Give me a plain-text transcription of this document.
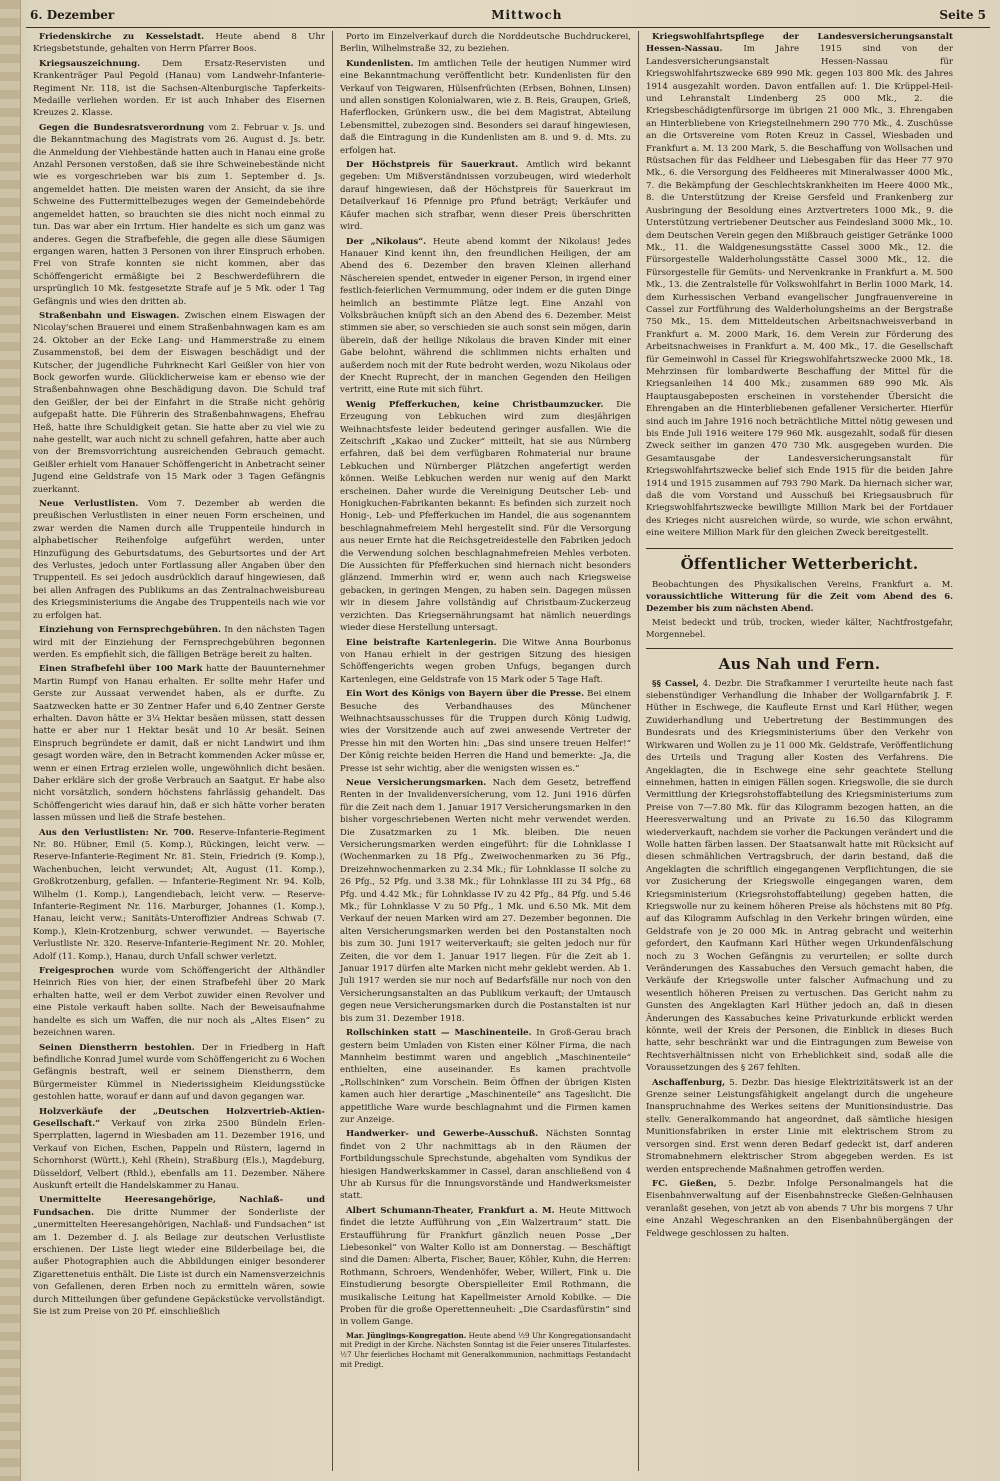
6. Dezember	Mittwoch	Seite 5

Friedenskirche zu Kesselstadt. Heute abend 8 Uhr Kriegsbetstunde, gehalten von Herrn Pfarrer Boos.

Kriegsauszeichnung.	Dem Ersatz-Reservisten und Krankenträger Paul Pegold (Hanau) vom Landwehr-Infanterie-Regiment Nr. 118, ist die Sachsen-Altenburgische Tapferkeits-Medaille verliehen worden. Er ist auch Inhaber des Eisernen Kreuzes 2. Klasse.

Gegen die Bundesratsverordnung vom 2. Februar v. Js. und die Bekanntmachung des Magistrats vom 26. August d. Js. betr. die Anmeldung der Viehbestände hatten auch in Hanau eine große Anzahl Personen verstoßen, daß sie ihre Schweinebestände nicht wie es vorgeschrieben war bis zum 1. September d. Js. angemeldet hatten. Die meisten waren der Ansicht, da sie ihre Schweine des Futtermittelbezuges wegen der Gemeindebehörde angemeldet hatten, so brauchten sie dies nicht noch einmal zu tun. Das war aber ein Irrtum. Hier handelte es sich um ganz was anderes. Gegen die Strafbefehle, die gegen alle diese Säumigen ergangen waren, hatten 3 Personen von ihrer Einspruch erhoben. Frei von Strafe konnten sie nicht kommen, aber das Schöffengericht ermäßigte bei 2 Beschwerdeführern die ursprünglich 10 Mk. festgesetzte Strafe auf je 5 Mk. oder 1 Tag Gefängnis und wies den dritten ab.

Straßenbahn und Eiswagen. Zwischen einem Eiswagen der Nicolay'schen Brauerei und einem Straßenbahnwagen kam es am 24. Oktober an der Ecke Lang- und Hammerstraße zu einem Zusammenstoß, bei dem der Eiswagen beschädigt und der Kutscher, der jugendliche Fuhrknecht Karl Geißler von hier von Bock geworfen wurde. Glücklicherweise kam er ebenso wie der Straßenbahnwagen ohne Beschädigung davon. Die Schuld traf den Geißler, der bei der Einfahrt in die Straße nicht gehörig aufgepaßt hatte. Die Führerin des Straßenbahnwagens, Ehefrau Heß, hatte ihre Schuldigkeit getan. Sie hatte aber zu viel wie zu nahe gestellt, war auch nicht zu schnell gefahren, hatte aber auch von der Bremsvorrichtung ausreichenden Gebrauch gemacht. Geißler erhielt vom Hanauer Schöffengericht in Anbetracht seiner Jugend eine Geldstrafe von 15 Mark oder 3 Tagen Gefängnis zuerkannt.

Neue Verlustlisten. Vom 7. Dezember ab werden die preußischen Verlustlisten in einer neuen Form erscheinen, und zwar werden die Namen durch alle Truppenteile hindurch in alphabetischer Reihenfolge aufgeführt werden, unter Hinzufügung des Geburtsdatums, des Geburtsortes und der Art des Verlustes, jedoch unter Fortlassung aller Angaben über den Truppenteil. Es sei jedoch ausdrücklich darauf hingewiesen, daß bei allen Anfragen des Publikums an das Zentralnachweisbureau des Kriegsministeriums die Angabe des Truppenteils nach wie vor zu erfolgen hat.

Einziehung von Fernsprechgebühren. In den nächsten Tagen wird mit der Einziehung der Fernsprechgebühren begonnen werden. Es empfiehlt sich, die fälligen Beträge bereit zu halten.

Einen Strafbefehl über 100 Mark hatte der Bauunternehmer Martin Rumpf von Hanau erhalten. Er sollte mehr Hafer und Gerste zur Aussaat verwendet haben, als er durfte. Zu Saatzwecken hatte er 30 Zentner Hafer und 6,40 Zentner Gerste erhalten. Davon hätte er 3¼ Hektar besäen müssen, statt dessen hatte er aber nur 1 Hektar besät und 10 Ar besät. Seinen Einspruch begründete er damit, daß er nicht Landwirt und ihm gesagt worden wäre, den in Betracht kommenden Acker müsse er, wenn er einen Ertrag erzielen wolle, ungewöhnlich dicht besäen. Daher erkläre sich der große Verbrauch an Saatgut. Er habe also nicht vorsätzlich, sondern höchstens fahrlässig gehandelt. Das Schöffengericht wies darauf hin, daß er sich hätte vorher beraten lassen müssen und ließ die Strafe bestehen.

Aus den Verlustlisten: Nr. 700. Reserve-Infanterie-Regiment Nr. 80. Hübner, Emil (5. Komp.), Rückingen, leicht verw. — Reserve-Infanterie-Regiment Nr. 81. Stein, Friedrich (9. Komp.), Wachenbuchen, leicht verwundet; Alt, August (11. Komp.), Großkrotzenburg, gefallen. — Infanterie-Regiment Nr. 94. Kolb, Wilhelm (1. Komp.), Langendiebach, leicht verw. — Reserve-Infanterie-Regiment Nr. 116. Marburger, Johannes (1. Komp.), Hanau, leicht verw.; Sanitäts-Unteroffizier Andreas Schwab (7. Komp.), Klein-Krotzenburg, schwer verwundet. — Bayerische Verlustliste Nr. 320. Reserve-Infanterie-Regiment Nr. 20. Mohler, Adolf (11. Komp.), Hanau, durch Unfall schwer verletzt.

Freigesprochen wurde vom Schöffengericht der Althändler Heinrich Ries von hier, der einen Strafbefehl über 20 Mark erhalten hatte, weil er dem Verbot zuwider einen Revolver und eine Pistole verkauft haben sollte. Nach der Beweisaufnahme handelte es sich um Waffen, die nur noch als „Altes Eisen“ zu bezeichnen waren.

Seinen Dienstherrn bestohlen. Der in Friedberg in Haft befindliche Konrad Jumel wurde vom Schöffengericht zu 6 Wochen Gefängnis bestraft, weil er seinem Dienstherrn, dem Bürgermeister Kümmel in Niederissigheim Kleidungsstücke gestohlen hatte, worauf er dann auf und davon gegangen war.

Holzverkäufe der „Deutschen Holzvertrieb-Aktien-Gesellschaft.“ Verkauf von zirka 2500 Bündeln Erlen-Sperrplatten, lagernd in Wiesbaden am 11. Dezember 1916, und Verkauf von Eichen, Eschen, Pappeln und Rüstern, lagernd in Schornhorst (Württ.), Kehl (Rhein), Straßburg (Els.), Magdeburg, Düsseldorf, Velbert (Rhld.), ebenfalls am 11. Dezember. Nähere Auskunft erteilt die Handelskammer zu Hanau.

Unermittelte Heeresangehörige, Nachlaß- und Fundsachen. Die dritte Nummer der Sonderliste der „unermittelten Heeresangehörigen, Nachlaß- und Fundsachen“ ist am 1. Dezember d. J. als Beilage zur deutschen Verlustliste erschienen. Der Liste liegt wieder eine Bilderbeilage bei, die außer Photographien auch die Abbildungen einiger besonderer Zigarettenetuis enthält. Die Liste ist durch ein Namensverzeichnis von Gefallenen, deren Erben noch zu ermitteln wären, sowie durch Mitteilungen über gefundene Gepäckstücke vervollständigt. Sie ist zum Preise von 20 Pf. einschließlich

Porto im Einzelverkauf durch die Norddeutsche Buchdruckerei, Berlin, Wilhelmstraße 32, zu beziehen.

Kundenlisten. Im amtlichen Teile der heutigen Nummer wird eine Bekanntmachung veröffentlicht betr. Kundenlisten für den Verkauf von Teigwaren, Hülsenfrüchten (Erbsen, Bohnen, Linsen) und allen sonstigen Kolonialwaren, wie z. B. Reis, Graupen, Grieß, Haferflocken, Grünkern usw., die bei dem Magistrat, Abteilung Lebensmittel, zubezogen sind. Besonders sei darauf hingewiesen, daß die Eintragung in die Kundenlisten am 8. und 9. d. Mts. zu erfolgen hat.

Der Höchstpreis für Sauerkraut. Amtlich wird bekannt gegeben: Um Mißverständnissen vorzubeugen, wird wiederholt darauf hingewiesen, daß der Höchstpreis für Sauerkraut im Detailverkauf 16 Pfennige pro Pfund beträgt; Verkäufer und Käufer machen sich strafbar, wenn dieser Preis überschritten wird.

Der „Nikolaus“. Heute abend kommt der Nikolaus! Jedes Hanauer Kind kennt ihn, den freundlichen Heiligen, der am Abend des 6. Dezember den braven Kleinen allerhand Näschereien spendet, entweder in eigener Person, in irgend einer festlich-feierlichen Vermummung, oder indem er die guten Dinge heimlich an bestimmte Plätze legt. Eine Anzahl von Volksbräuchen knüpft sich an den Abend des 6. Dezember. Meist stimmen sie aber, so verschieden sie auch sonst sein mögen, darin überein, daß der heilige Nikolaus die braven Kinder mit einer Gabe belohnt, während die schlimmen nichts erhalten und außerdem noch mit der Rute bedroht werden, wozu Nikolaus oder der Knecht Ruprecht, der in manchen Gegenden den Heiligen vertritt, eine Rute mit sich führt.

Wenig Pfefferkuchen, keine Christbaumzucker. Die Erzeugung von Lebkuchen wird zum diesjährigen Weihnachtsfeste leider bedeutend geringer ausfallen. Wie die Zeitschrift „Kakao und Zucker“ mitteilt, hat sie aus Nürnberg erfahren, daß bei dem verfügbaren Rohmaterial nur braune Lebkuchen und Nürnberger Plätzchen angefertigt werden können. Weiße Lebkuchen werden nur wenig auf den Markt erscheinen. Daher wurde die Vereinigung Deutscher Leb- und Honigkuchen-Fabrikanten bekannt: Es befinden sich zurzeit noch Honig-, Leb- und Pfefferkuchen im Handel, die aus sogenanntem beschlagnahmefreiem Mehl hergestellt sind. Für die Versorgung aus neuer Ernte hat die Reichsgetreidestelle den Fabriken jedoch die Verwendung solchen beschlagnahmefreien Mehles verboten. Die Aussichten für Pfefferkuchen sind hiernach nicht besonders glänzend. Immerhin wird er, wenn auch nach Kriegsweise gebacken, in geringen Mengen, zu haben sein. Dagegen müssen wir in diesem Jahre vollständig auf Christbaum-Zuckerzeug verzichten. Das Kriegsernährungsamt hat nämlich neuerdings wieder diese Herstellung untersagt.

Eine beistrafte Kartenlegerin. Die Witwe Anna Bourbonus von Hanau erhielt in der gestrigen Sitzung des hiesigen Schöffengerichts wegen groben Unfugs, begangen durch Kartenlegen, eine Geldstrafe von 15 Mark oder 5 Tage Haft.

Ein Wort des Königs von Bayern über die Presse. Bei einem Besuche des Verbandhauses des Münchener Weihnachtsausschusses für die Truppen durch König Ludwig, wies der Vorsitzende auch auf zwei anwesende Vertreter der Presse hin mit den Worten hin: „Das sind unsere treuen Helfer!“ Der König reichte beiden Herren die Hand und bemerkte: „Ja, die Presse ist sehr wichtig, aber die wenigsten wissen es.“

Neue Versicherungsmarken. Nach dem Gesetz, betreffend Renten in der Invalidenversicherung, vom 12. Juni 1916 dürfen für die Zeit nach dem 1. Januar 1917 Versicherungsmarken in den bisher vorgeschriebenen Werten nicht mehr verwendet werden. Die Zusatzmarken zu 1 Mk. bleiben. Die neuen Versicherungsmarken werden eingeführt: für die Lohnklasse I (Wochenmarken zu 18 Pfg., Zweiwochenmarken zu 36 Pfg., Dreizehnwochenmarken zu 2.34 Mk.; für Lohnklasse II solche zu 26 Pfg., 52 Pfg. und 3.38 Mk.; für Lohnklasse III zu 34 Pfg., 68 Pfg. und 4.42 Mk.; für Lohnklasse IV zu 42 Pfg., 84 Pfg. und 5.46 Mk.; für Lohnklasse V zu 50 Pfg., 1 Mk. und 6.50 Mk. Mit dem Verkauf der neuen Marken wird am 27. Dezember begonnen. Die alten Versicherungsmarken werden bei den Postanstalten noch bis zum 30. Juni 1917 weiterverkauft; sie gelten jedoch nur für Zeiten, die vor dem 1. Januar 1917 liegen. Für die Zeit ab 1. Januar 1917 dürfen alte Marken nicht mehr geklebt werden. Ab 1. Juli 1917 werden sie nur noch auf Bedarfsfälle nur noch von den Versicherungsanstalten an das Publikum verkauft; der Umtausch gegen neue Versicherungsmarken durch die Postanstalten ist nur bis zum 31. Dezember 1918.

Rollschinken statt — Maschinenteile. In Groß-Gerau brach gestern beim Umladen von Kisten einer Kölner Firma, die nach Mannheim bestimmt waren und angeblich „Maschinenteile“ enthielten, eine auseinander. Es kamen prachtvolle „Rollschinken“ zum Vorschein. Beim Öffnen der übrigen Kisten kamen auch hier derartige „Maschinenteile“ ans Tageslicht. Die appetitliche Ware wurde beschlagnahmt und die Firmen kamen zur Anzeige.

Handwerker- und Gewerbe-Ausschuß. Nächsten Sonntag findet von 2 Uhr nachmittags ab in den Räumen der Fortbildungsschule Sprechstunde, abgehalten vom Syndikus der hiesigen Handwerkskammer in Cassel, daran anschließend von 4 Uhr ab Kursus für die Innungsvorstände und Handwerksmeister statt.

Albert Schumann-Theater, Frankfurt a. M. Heute Mittwoch findet die letzte Aufführung von „Ein Walzertraum“ statt. Die Erstaufführung für Frankfurt gänzlich neuen Posse „Der Liebesonkel“ von Walter Kollo ist am Donnerstag. — Beschäftigt sind die Damen: Alberta, Fischer, Bauer, Köhler, Kuhn, die Herren: Rothmann, Schroers, Wendenhöfer, Weber, Willert, Fink u. Die Einstudierung besorgte Oberspielleiter Emil Rothmann, die musikalische Leitung hat Kapellmeister Arnold Kobilke. — Die Proben für die große Operettenneuheit: „Die Csardasfürstin“ sind in vollem Gange.

Mar. Jünglings-Kongregation. Heute abend ½9 Uhr Kongregationsandacht mit Predigt in der Kirche. Nächsten Sonntag ist die Feier unseres Titularfestes. ½7 Uhr feierliches Hochamt mit Generalkommunion, nachmittags Festandacht mit Predigt.

Kriegswohlfahrtspflege der Landesversicherungsanstalt Hessen-Nassau. Im Jahre 1915 sind von der Landesversicherungsanstalt Hessen-Nassau für Kriegswohlfahrtszwecke 689 990 Mk. gegen 103 800 Mk. des Jahres 1914 ausgezahlt worden. Davon entfallen auf: 1. Die Krüppel-Heil- und Lehranstalt Lindenberg 25 000 Mk., 2. die Kriegsbeschädigtenfürsorge im übrigen 21 000 Mk., 3. Ehrengaben an Hinterbliebene von Kriegsteilnehmern 290 770 Mk., 4. Zuschüsse an die Ortsvereine vom Roten Kreuz in Cassel, Wiesbaden und Frankfurt a. M. 13 200 Mark, 5. die Beschaffung von Wollsachen und Rüstsachen für das Feldheer und Liebesgaben für das Heer 77 970 Mk., 6. die Versorgung des Feldheeres mit Mineralwasser 4000 Mk., 7. die Bekämpfung der Geschlechtskrankheiten im Heere 4000 Mk., 8. die Unterstützung der Kreise Gersfeld und Frankenberg zur Ausbringung der Besoldung eines Arztvertreters 1000 Mk., 9. die Unterstützung vertriebener Deutscher aus Feindesland 3000 Mk., 10. dem Deutschen Verein gegen den Mißbrauch geistiger Getränke 1000 Mk., 11. die Waldgenesungsstätte Cassel 3000 Mk., 12. die Fürsorgestelle Walderholungsstätte Cassel 3000 Mk., 12. die Fürsorgestelle für Gemüts- und Nervenkranke in Frankfurt a. M. 500 Mk., 13. die Zentralstelle für Volkswohlfahrt in Berlin 1000 Mark, 14. dem Kurhessischen Verband evangelischer Jungfrauenvereine in Cassel zur Fortführung des Walderholungsheims an der Bergstraße 750 Mk., 15. dem Mitteldeutschen Arbeitsnachweisverband in Frankfurt a. M. 2000 Mark, 16. dem Verein zur Förderung des Arbeitsnachweises in Frankfurt a. M. 400 Mk., 17. die Gesellschaft für Gemeinwohl in Cassel für Kriegswohlfahrtszwecke 2000 Mk., 18. Mehrzinsen für lombardwerte Beschaffung der Mittel für die Kriegsanleihen 14 400 Mk.; zusammen 689 990 Mk. Als Hauptausgabeposten erscheinen in vorstehender Übersicht die Ehrengaben an die Hinterbliebenen gefallener Versicherter. Hierfür sind auch im Jahre 1916 noch beträchtliche Mittel nötig gewesen und bis Ende Juli 1916 weitere 179 960 Mk. ausgezahlt, sodaß für diesen Zweck seither im ganzen 470 730 Mk. ausgegeben wurden. Die Gesamtausgabe der Landesversicherungsanstalt für Kriegswohlfahrtszwecke belief sich Ende 1915 für die beiden Jahre 1914 und 1915 zusammen auf 793 790 Mark. Da hiernach sicher war, daß die vom Vorstand und Ausschuß bei Kriegsausbruch für Kriegswohlfahrtszwecke bewilligte Million Mark bei der Fortdauer des Krieges nicht ausreichen würde, so wurde, wie schon erwähnt, eine weitere Million Mark für den gleichen Zweck bereitgestellt.

Öffentlicher Wetterbericht.

Beobachtungen des Physikalischen Vereins, Frankfurt a. M. voraussichtliche Witterung für die Zeit vom Abend des 6. Dezember bis zum nächsten Abend.

Meist bedeckt und trüb, trocken, wieder kälter, Nachtfrostgefahr, Morgennebel.

Aus Nah und Fern.

§§ Cassel, 4. Dezbr. Die Strafkammer I verurteilte heute nach fast siebenstündiger Verhandlung die Inhaber der Wollgarnfabrik J. F. Hüther in Eschwege, die Kaufleute Ernst und Karl Hüther, wegen Zuwiderhandlung und Uebertretung der Bestimmungen des Bundesrats und des Kriegsministeriums über den Verkehr von Wirkwaren und Wollen zu je 11 000 Mk. Geldstrafe, Veröffentlichung des Urteils und Tragung aller Kosten des Verfahrens. Die Angeklagten, die in Eschwege eine sehr geachtete Stellung einnehmen, hatten in einigen Fällen sogen. Kriegswolle, die sie durch Vermittlung der Kriegsrohstoffabteilung des Kriegsministeriums zum Preise von 7—7.80 Mk. für das Kilogramm bezogen hatten, an die Heeresverwaltung und an Private zu 16.50 das Kilogramm wiederverkauft, nachdem sie vorher die Packungen verändert und die Wolle hatten färben lassen. Der Staatsanwalt hatte mit Rücksicht auf diesen schmählichen Vertragsbruch, der darin bestand, daß die Angeklagten die schriftlich eingegangenen Verpflichtungen, die sie vor Zusicherung der Kriegswolle eingegangen waren, dem Kriegsministerium (Kriegsrohstoffabteilung) gegeben hatten, die Kriegswolle nur zu keinem höheren Preise als höchstens mit 80 Pfg. auf das Kilogramm Aufschlag in den Verkehr bringen würden, eine Geldstrafe von je 20 000 Mk. in Antrag gebracht und weiterhin gefordert, den Kaufmann Karl Hüther wegen Urkundenfälschung noch zu 3 Wochen Gefängnis zu verurteilen; er sollte durch Veränderungen des Kassabuches den Versuch gemacht haben, die Verkäufe der Kriegswolle unter falscher Aufmachung und zu wesentlich höheren Preisen zu vertuschen. Das Gericht nahm zu Gunsten des Angeklagten Karl Hüther jedoch an, daß in diesen Änderungen des Kassabuches keine Privaturkunde erblickt werden könnte, weil der Kreis der Personen, die Einblick in dieses Buch hatte, sehr beschränkt war und die Eintragungen zum Beweise von Rechtsverhältnissen nicht von Erheblichkeit sind, sodaß alle die Voraussetzungen des § 267 fehlten.

Aschaffenburg, 5. Dezbr. Das hiesige Elektrizitätswerk ist an der Grenze seiner Leistungsfähigkeit angelangt durch die ungeheure Inanspruchnahme des Werkes seitens der Munitionsindustrie. Das stellv. Generalkommando hat angeordnet, daß sämtliche hiesigen Munitionsfabriken in erster Linie mit elektrischem Strom zu versorgen sind. Erst wenn deren Bedarf gedeckt ist, darf anderen Stromabnehmern elektrischer Strom abgegeben werden. Es ist werden entsprechende Maßnahmen getroffen werden.

FC. Gießen, 5. Dezbr. Infolge Personalmangels hat die Eisenbahnverwaltung auf der Eisenbahnstrecke Gießen-Gelnhausen veranlaßt gesehen, von jetzt ab von abends 7 Uhr bis morgens 7 Uhr eine Anzahl Wegeschranken an den Eisenbahnübergängen der Feldwege geschlossen zu halten.
